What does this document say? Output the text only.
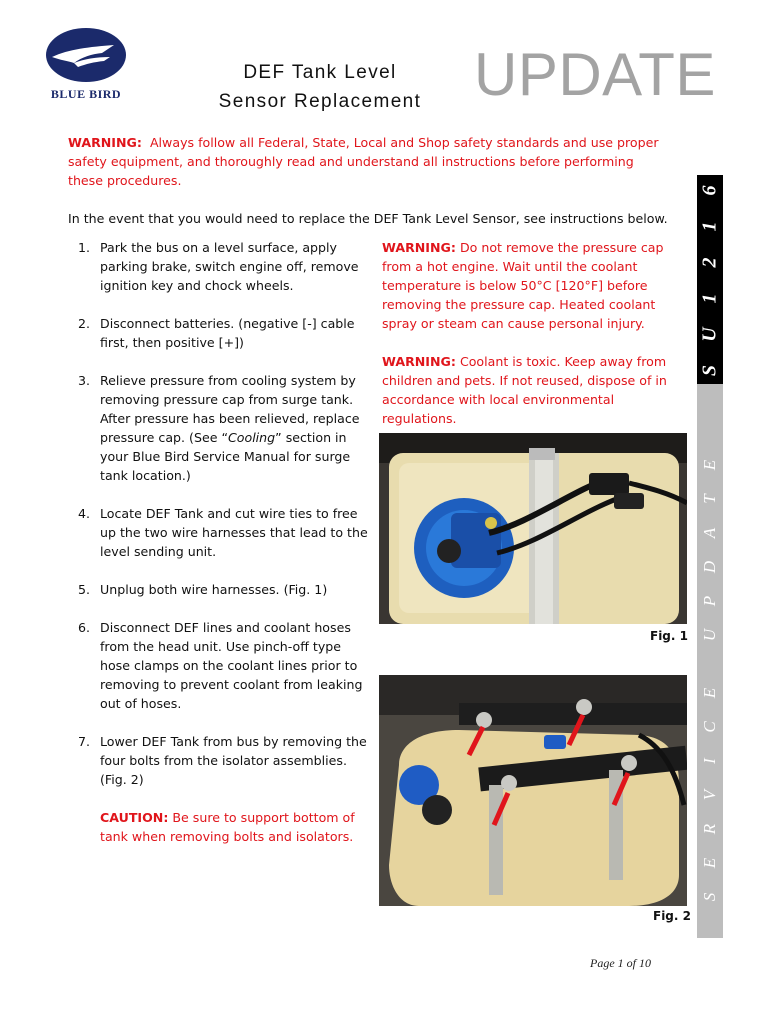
BLUE BIRD
DEF Tank Level
Sensor Replacement UPDATE
WARNING: Always follow all Federal, State, Local and Shop safety standards and use proper safety equipment, and thoroughly read and understand all instructions before performing these procedures.
In the event that you would need to replace the DEF Tank Level Sensor, see instructions below.
1. Park the bus on a level surface, apply parking brake, switch engine off, remove ignition key and chock wheels.
2. Disconnect batteries. (negative [-] cable first, then positive [+])
3. Relieve pressure from cooling system by removing pressure cap from surge tank. After pressure has been relieved, replace pressure cap. (See “Cooling” section in your Blue Bird Service Manual for surge tank location.)
4. Locate DEF Tank and cut wire ties to free up the two wire harnesses that lead to the level sending unit.
5. Unplug both wire harnesses. (Fig. 1)
6. Disconnect DEF lines and coolant hoses from the head unit. Use pinch-off type hose clamps on the coolant lines prior to removing to prevent coolant from leaking out of hoses.
7. Lower DEF Tank from bus by removing the four bolts from the isolator assemblies. (Fig. 2)
CAUTION: Be sure to support bottom of tank when removing bolts and isolators.

WARNING: Do not remove the pressure cap from a hot engine. Wait until the coolant temperature is below 50°C [120°F] before removing the pressure cap. Heated coolant spray or steam can cause personal injury.

WARNING: Coolant is toxic. Keep away from children and pets. If not reused, dispose of in accordance with local environmental regulations.

Fig. 1
Fig. 2
S
U
1
2
1
6
S
E
R
V
I
C
E
U
P
D
A
T
E
Page 1 of 10
